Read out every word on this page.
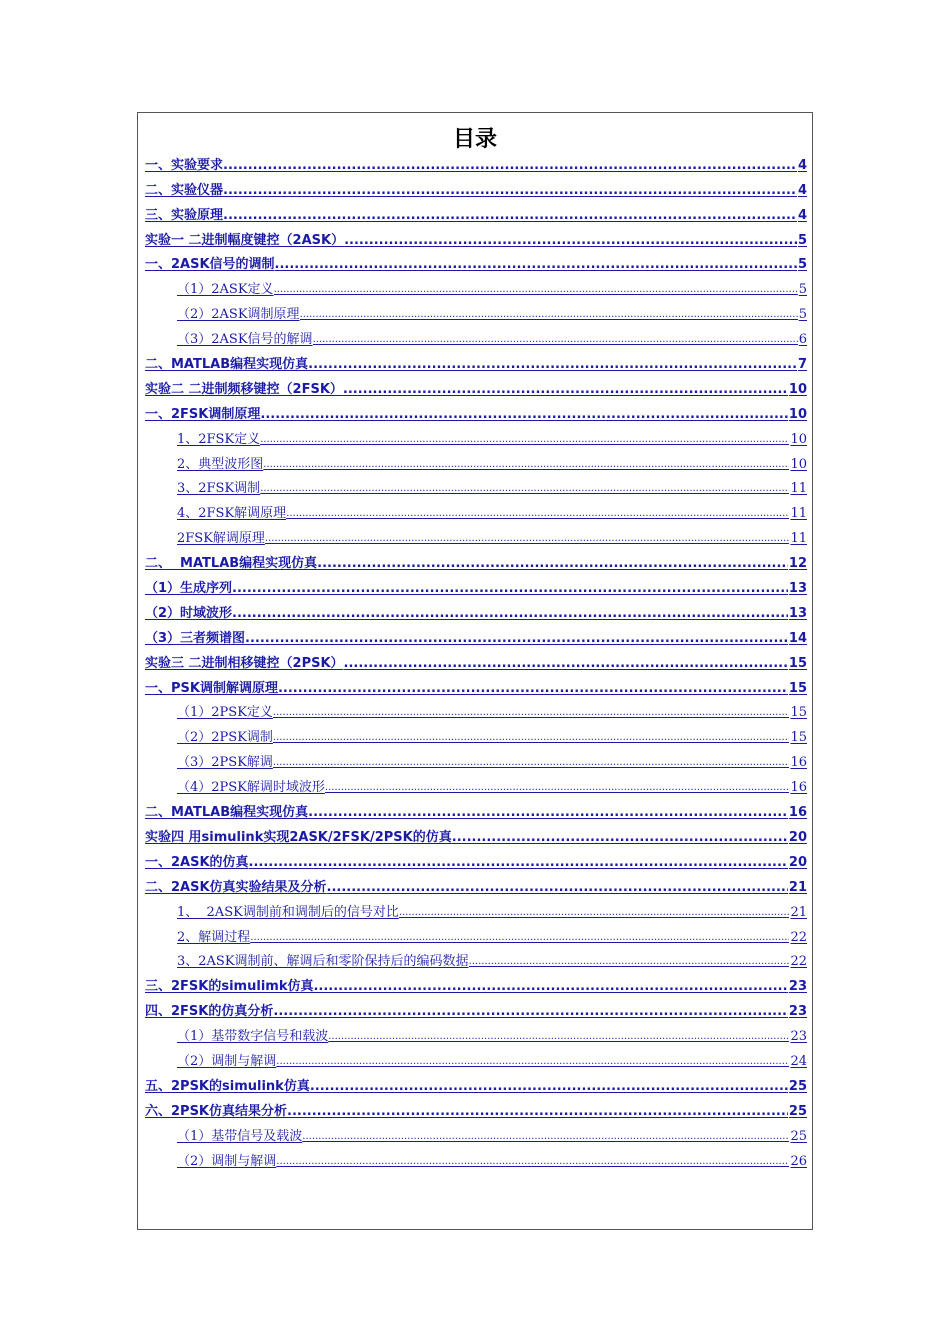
目录
一、实验要求 .....	4
二、实验仪器 .....	4
三、实验原理 .....	4
实验一 二进制幅度键控（2ASK） .....	5
一、2ASK信号的调制 .....	5
（1）2ASK定义 .....	5
（2）2ASK调制原理 .....	5
（3）2ASK信号的解调 .....	6
二、MATLAB编程实现仿真 .....	7
实验二 二进制频移键控（2FSK） .....	10
一、2FSK调制原理 .....	10
1、2FSK定义 .....	10
2、典型波形图 .....	10
3、2FSK调制 .....	11
4、2FSK解调原理 .....	11
2FSK解调原理 .....	11
二、  MATLAB编程实现仿真 .....	12
（1）生成序列 .....	13
（2）时域波形 .....	13
（3）三者频谱图 .....	14
实验三 二进制相移键控（2PSK） .....	15
一、PSK调制解调原理 .....	15
（1）2PSK定义 .....	15
（2）2PSK调制 .....	15
（3）2PSK解调 .....	16
（4）2PSK解调时域波形 .....	16
二、MATLAB编程实现仿真 .....	16
实验四 用simulink实现2ASK/2FSK/2PSK的仿真 .....	20
一、2ASK的仿真 .....	20
二、2ASK仿真实验结果及分析 .....	21
1、  2ASK调制前和调制后的信号对比 .....	21
2、解调过程 .....	22
3、2ASK调制前、解调后和零阶保持后的编码数据 .....	22
三、2FSK的simulimk仿真 .....	23
四、2FSK的仿真分析 .....	23
（1）基带数字信号和载波 .....	23
（2）调制与解调 .....	24
五、2PSK的simulink仿真 .....	25
六、2PSK仿真结果分析 .....	25
（1）基带信号及载波 .....	25
（2）调制与解调 .....	26
